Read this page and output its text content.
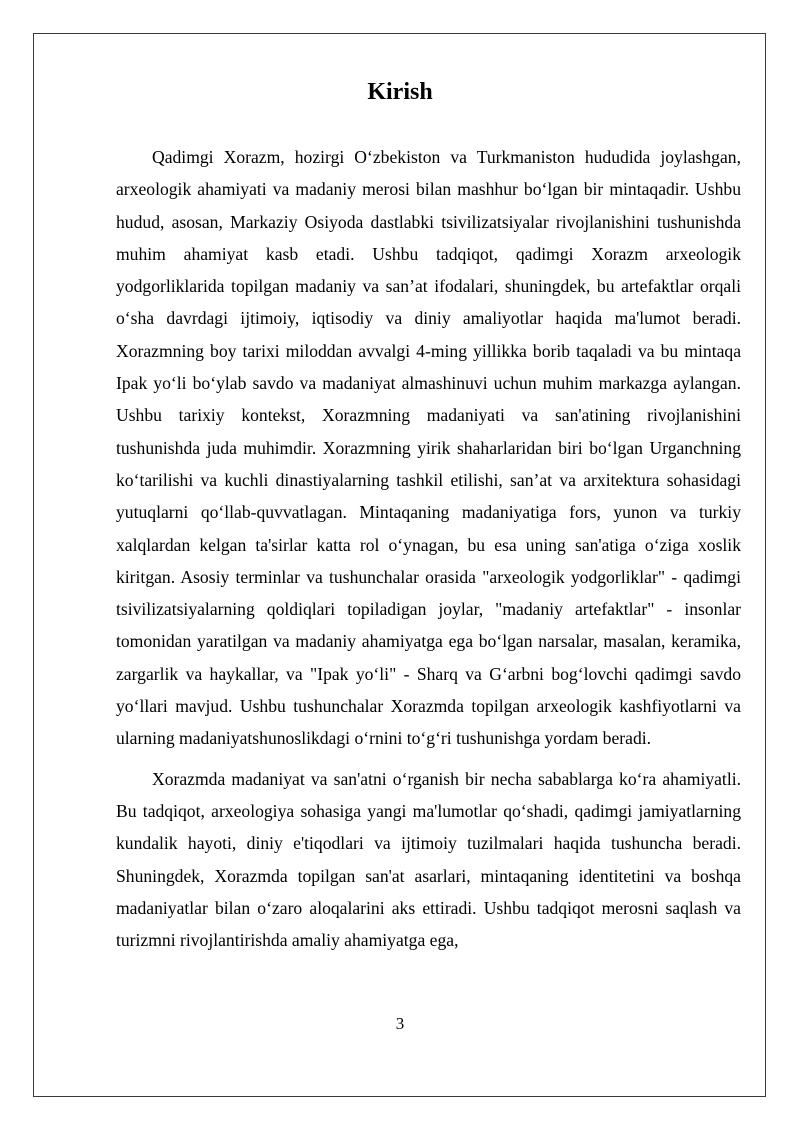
Kirish

Qadimgi Xorazm, hozirgi O‘zbekiston va Turkmaniston hududida joylashgan, arxeologik ahamiyati va madaniy merosi bilan mashhur bo‘lgan bir mintaqadir. Ushbu hudud, asosan, Markaziy Osiyoda dastlabki tsivilizatsiyalar rivojlanishini tushunishda muhim ahamiyat kasb etadi. Ushbu tadqiqot, qadimgi Xorazm arxeologik yodgorliklarida topilgan madaniy va san’at ifodalari, shuningdek, bu artefaktlar orqali o‘sha davrdagi ijtimoiy, iqtisodiy va diniy amaliyotlar haqida ma'lumot beradi. Xorazmning boy tarixi miloddan avvalgi 4-ming yillikka borib taqaladi va bu mintaqa Ipak yo‘li bo‘ylab savdo va madaniyat almashinuvi uchun muhim markazga aylangan. Ushbu tarixiy kontekst, Xorazmning madaniyati va san'atining rivojlanishini tushunishda juda muhimdir. Xorazmning yirik shaharlaridan biri bo‘lgan Urganchning ko‘tarilishi va kuchli dinastiyalarning tashkil etilishi, san’at va arxitektura sohasidagi yutuqlarni qo‘llab-quvvatlagan. Mintaqaning madaniyatiga fors, yunon va turkiy xalqlardan kelgan ta'sirlar katta rol o‘ynagan, bu esa uning san'atiga o‘ziga xoslik kiritgan. Asosiy terminlar va tushunchalar orasida "arxeologik yodgorliklar" - qadimgi tsivilizatsiyalarning qoldiqlari topiladigan joylar, "madaniy artefaktlar" - insonlar tomonidan yaratilgan va madaniy ahamiyatga ega bo‘lgan narsalar, masalan, keramika, zargarlik va haykallar, va "Ipak yo‘li" - Sharq va G‘arbni bog‘lovchi qadimgi savdo yo‘llari mavjud. Ushbu tushunchalar Xorazmda topilgan arxeologik kashfiyotlarni va ularning madaniyatshunoslikdagi o‘rnini to‘g‘ri tushunishga yordam beradi.

Xorazmda madaniyat va san'atni o‘rganish bir necha sabablarga ko‘ra ahamiyatli. Bu tadqiqot, arxeologiya sohasiga yangi ma'lumotlar qo‘shadi, qadimgi jamiyatlarning kundalik hayoti, diniy e'tiqodlari va ijtimoiy tuzilmalari haqida tushuncha beradi. Shuningdek, Xorazmda topilgan san'at asarlari, mintaqaning identitetini va boshqa madaniyatlar bilan o‘zaro aloqalarini aks ettiradi. Ushbu tadqiqot merosni saqlash va turizmni rivojlantirishda amaliy ahamiyatga ega,

3
